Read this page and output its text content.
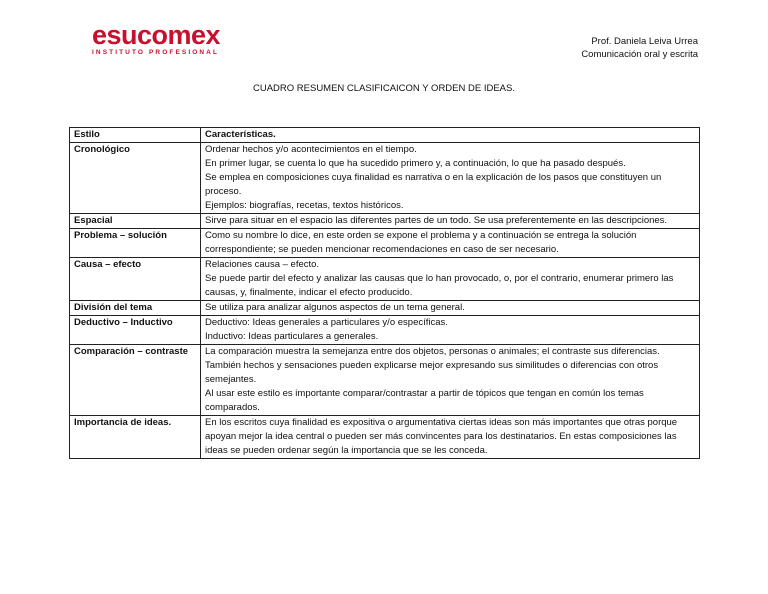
esucomex
INSTITUTO PROFESIONAL
Prof. Daniela Leiva Urrea
Comunicación oral y escrita
CUADRO RESUMEN CLASIFICAICON Y ORDEN DE IDEAS.
Estilo	Características.
Cronológico	Ordenar hechos y/o acontecimientos en el tiempo.
En primer lugar, se cuenta lo que ha sucedido primero y, a continuación, lo que ha pasado después.
Se emplea en composiciones cuya finalidad es narrativa o en la explicación de los pasos que constituyen un proceso.
Ejemplos: biografías, recetas, textos históricos.

Espacial	Sirve para situar en el espacio las diferentes partes de un todo. Se usa preferentemente en las descripciones.

Problema – solución	Como su nombre lo dice, en este orden se expone el problema y a continuación se entrega la solución correspondiente; se pueden mencionar recomendaciones en caso de ser necesario.

Causa – efecto	Relaciones causa – efecto.
Se puede partir del efecto y analizar las causas que lo han provocado, o, por el contrario, enumerar primero las causas, y, finalmente, indicar el efecto producido.

División del tema	Se utiliza para analizar algunos aspectos de un tema general.

Deductivo – Inductivo	Deductivo: Ideas generales a particulares y/o específicas.
Inductivo: Ideas particulares a generales.

Comparación – contraste	La comparación muestra la semejanza entre dos objetos, personas o animales; el contraste sus diferencias. También hechos y sensaciones pueden explicarse mejor expresando sus similitudes o diferencias con otros semejantes.
Al usar este estilo es importante comparar/contrastar a partir de tópicos que tengan en común los temas comparados.

Importancia de ideas.	En los escritos cuya finalidad es expositiva o argumentativa ciertas ideas son más importantes que otras porque apoyan mejor la idea central o pueden ser más convincentes para los destinatarios. En estas composiciones las ideas se pueden ordenar según la importancia que se les conceda.
